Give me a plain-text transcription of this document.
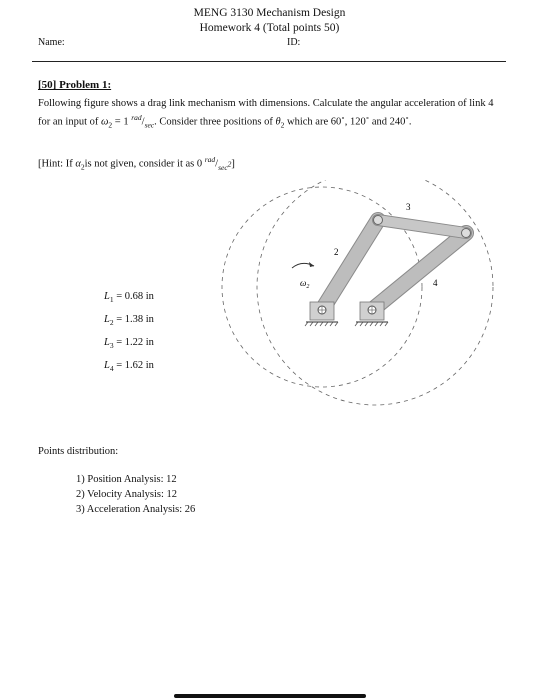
MENG 3130 Mechanism Design
Homework 4 (Total points 50)
Name:	ID:
[50] Problem 1:
Following figure shows a drag link mechanism with dimensions. Calculate the angular acceleration of link 4 for an input of $\omega_2 = 1$ $^{rad}/_{sec}$. Consider three positions of $\theta_2$ which are 60˚, 120˚ and 240˚.
[Hint: If $\alpha_2is$ not given, consider it as 0 $^{rad}/_{sec^2}$]
$L_1 = 0.68$ in
$L_2 = 1.38$ in
$L_3 = 1.22$ in
$L_4 = 1.62$ in
$\omega_2$
2
3
4
Points distribution:
1) Position Analysis: 12
2) Velocity Analysis: 12
3) Acceleration Analysis: 26
